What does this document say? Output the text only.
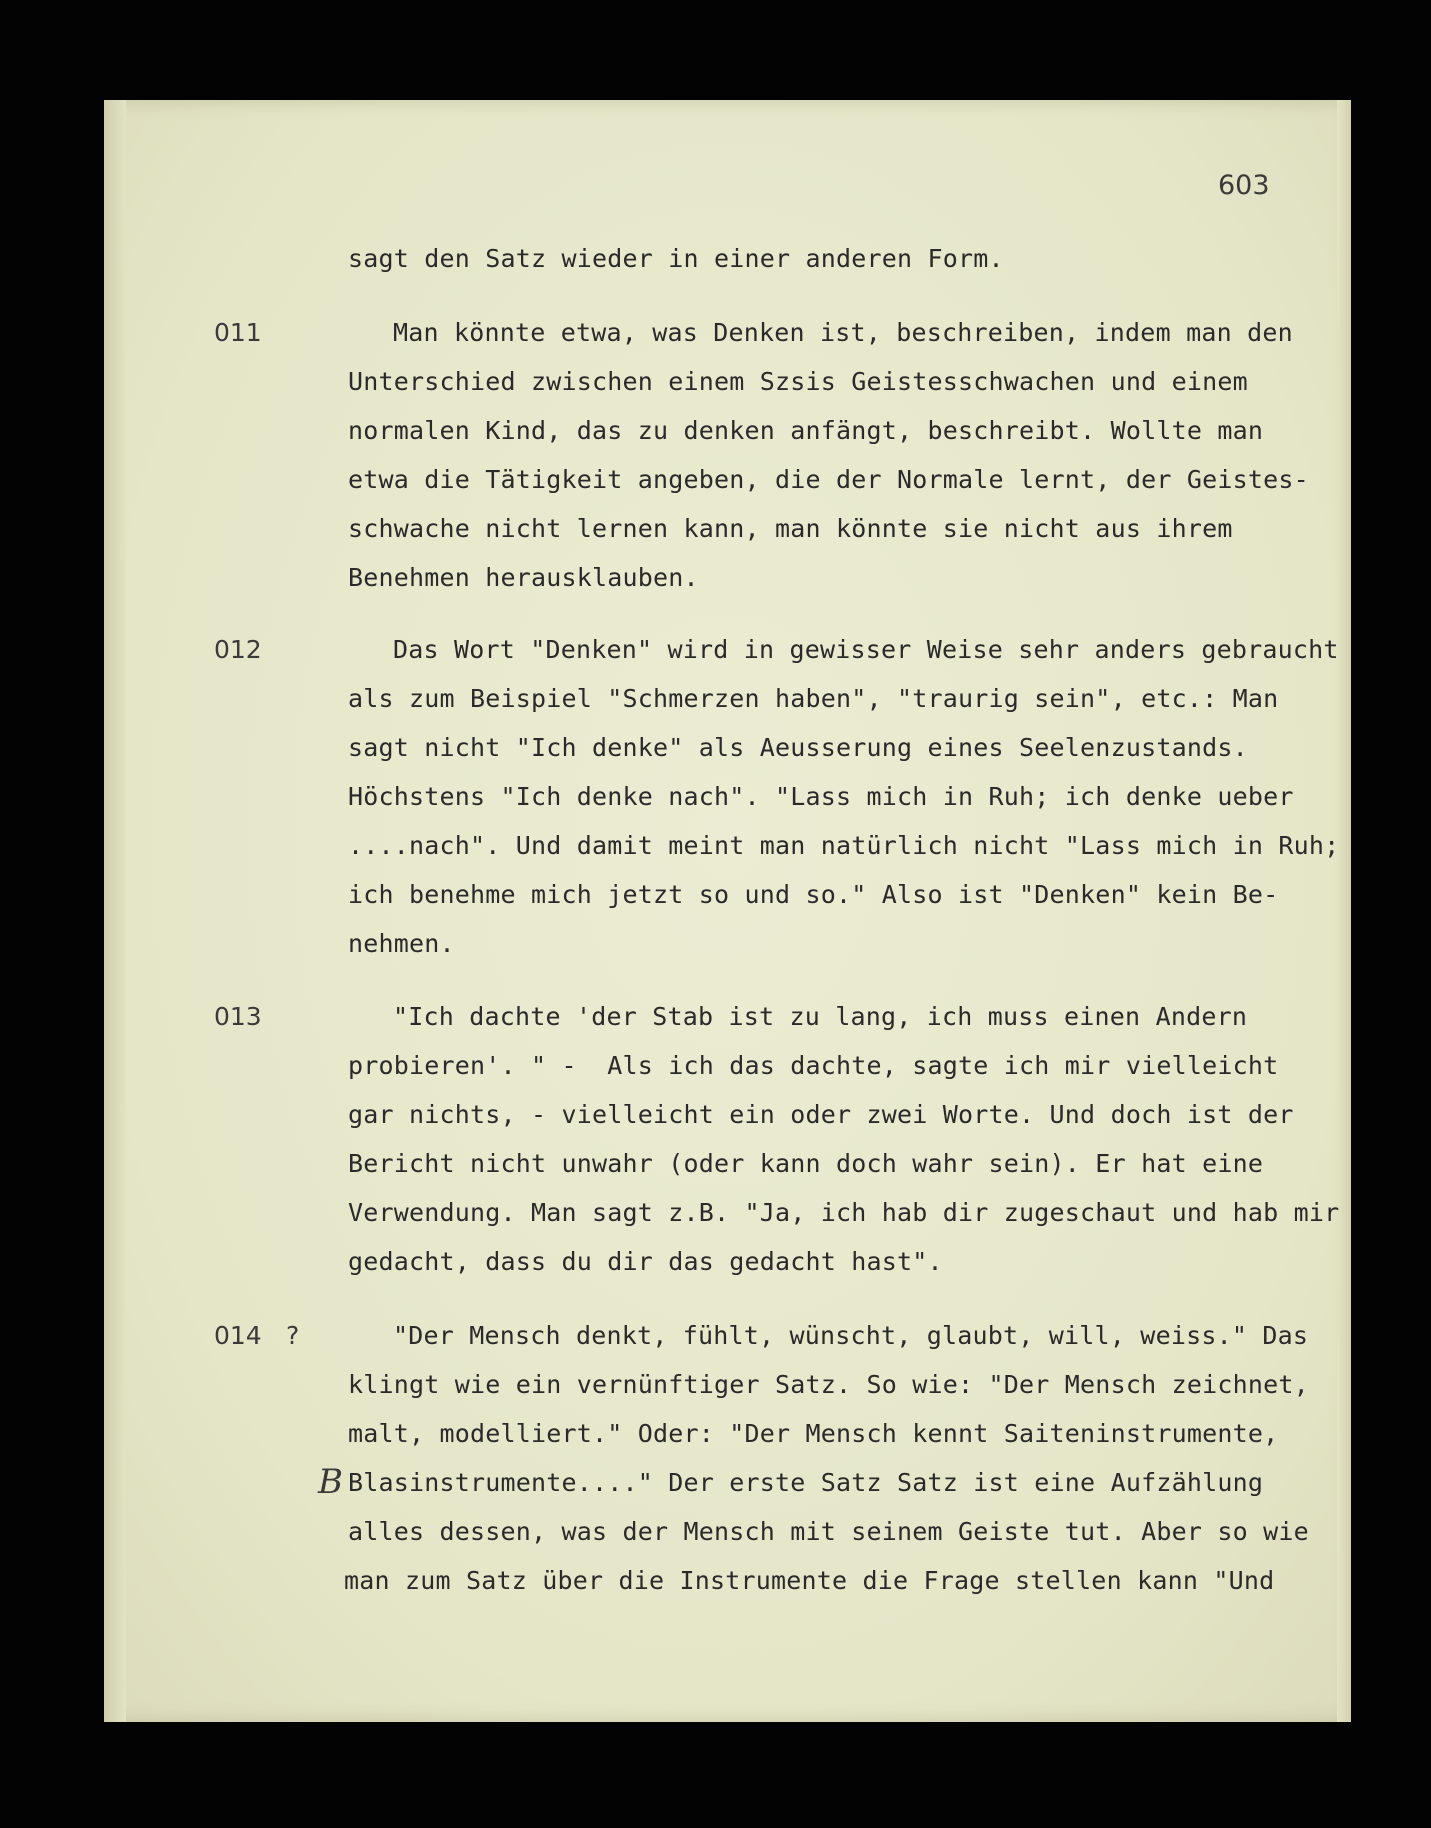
603

011

012

013

014 ?

B

sagt den Satz wieder in einer anderen Form.

Man könnte etwa, was Denken ist, beschreiben, indem man den

Unterschied zwischen einem Szsis Geistesschwachen und einem

normalen Kind, das zu denken anfängt, beschreibt. Wollte man

etwa die Tätigkeit angeben, die der Normale lernt, der Geistes-

schwache nicht lernen kann, man könnte sie nicht aus ihrem

Benehmen herausklauben.

Das Wort "Denken" wird in gewisser Weise sehr anders gebraucht

als zum Beispiel "Schmerzen haben", "traurig sein", etc.: Man

sagt nicht "Ich denke" als Aeusserung eines Seelenzustands.

Höchstens "Ich denke nach". "Lass mich in Ruh; ich denke ueber

....nach". Und damit meint man natürlich nicht "Lass mich in Ruh;

ich benehme mich jetzt so und so." Also ist "Denken" kein Be-

nehmen.

"Ich dachte 'der Stab ist zu lang, ich muss einen Andern

probieren'. " -  Als ich das dachte, sagte ich mir vielleicht

gar nichts, - vielleicht ein oder zwei Worte. Und doch ist der

Bericht nicht unwahr (oder kann doch wahr sein). Er hat eine

Verwendung. Man sagt z.B. "Ja, ich hab dir zugeschaut und hab mir

gedacht, dass du dir das gedacht hast".

"Der Mensch denkt, fühlt, wünscht, glaubt, will, weiss." Das

klingt wie ein vernünftiger Satz. So wie: "Der Mensch zeichnet,

malt, modelliert." Oder: "Der Mensch kennt Saiteninstrumente,

Blasinstrumente...." Der erste Satz Satz ist eine Aufzählung

alles dessen, was der Mensch mit seinem Geiste tut. Aber so wie

man zum Satz über die Instrumente die Frage stellen kann "Und
